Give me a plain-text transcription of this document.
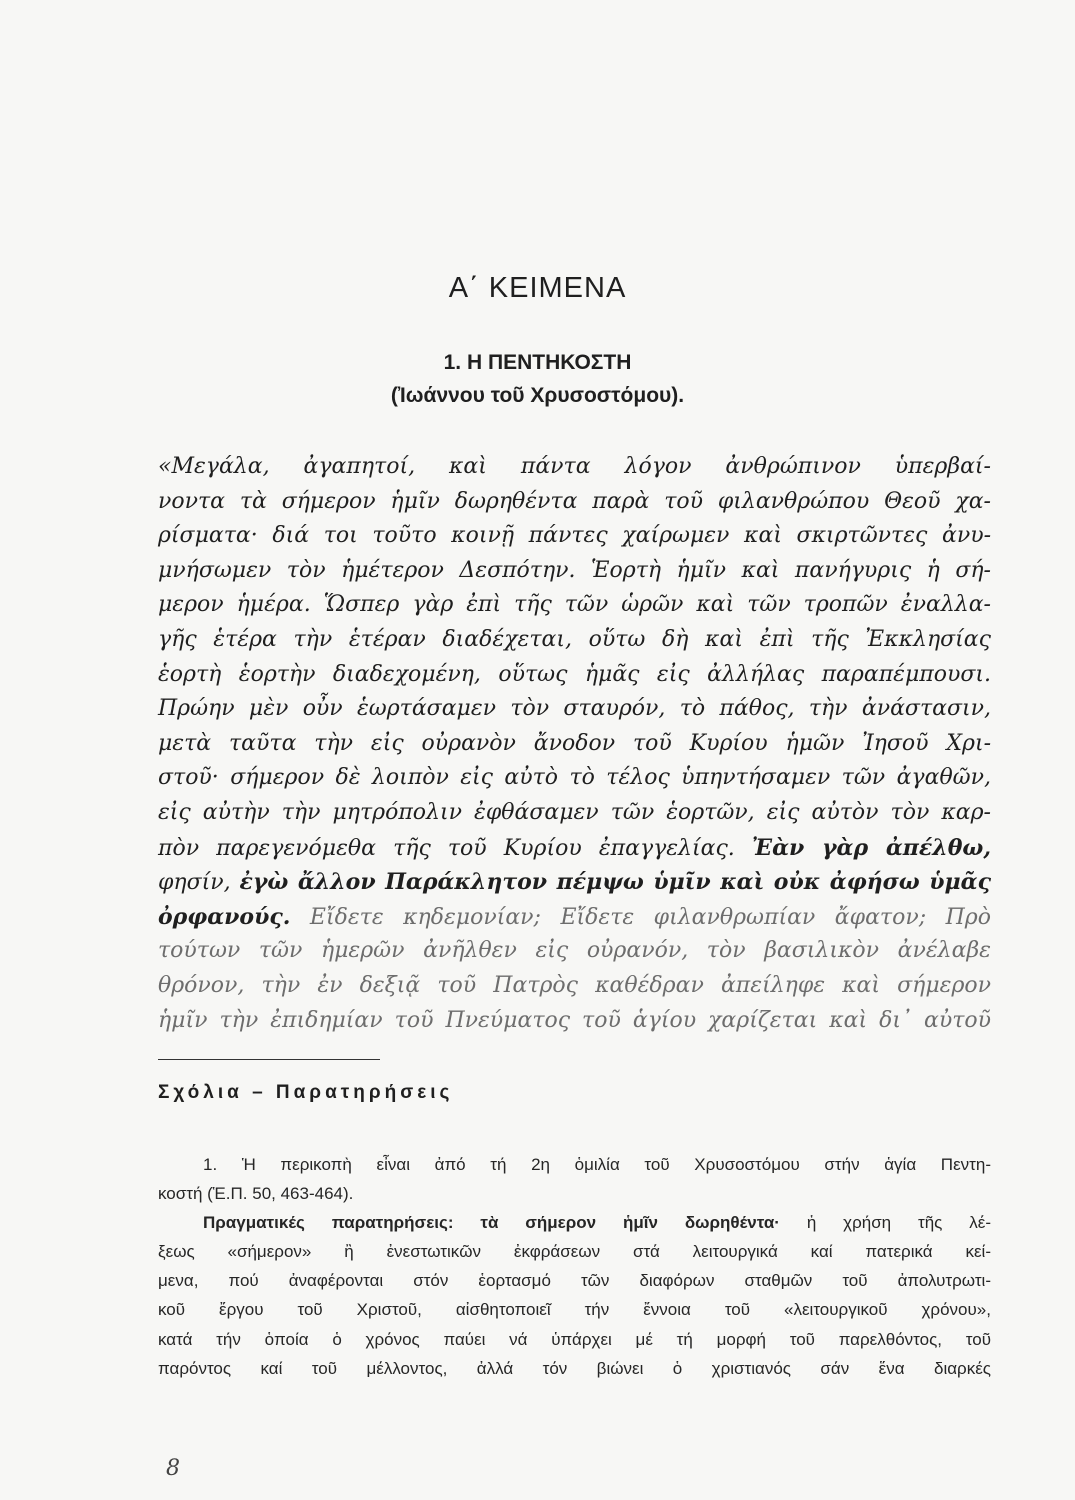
Α΄ ΚΕΙΜΕΝΑ
1. Η ΠΕΝΤΗΚΟΣΤΗ
(Ἰωάννου τοῦ Χρυσοστόμου).
«Μεγάλα, ἀγαπητοί, καὶ πάντα λόγον ἀνθρώπινον ὑπερβαί-
νοντα τὰ σήμερον ἡμῖν δωρηθέντα παρὰ τοῦ φιλανθρώπου Θεοῦ χα-
ρίσματα· διά τοι τοῦτο κοινῇ πάντες χαίρωμεν καὶ σκιρτῶντες ἀνυ-
μνήσωμεν τὸν ἡμέτερον Δεσπότην. Ἑορτὴ ἡμῖν καὶ πανήγυρις ἡ σή-
μερον ἡμέρα. Ὥσπερ γὰρ ἐπὶ τῆς τῶν ὡρῶν καὶ τῶν τροπῶν ἐναλλα-
γῆς ἑτέρα τὴν ἑτέραν διαδέχεται, οὕτω δὴ καὶ ἐπὶ τῆς Ἐκκλησίας
ἑορτὴ ἑορτὴν διαδεχομένη, οὕτως ἡμᾶς εἰς ἀλλήλας παραπέμπουσι.
Πρώην μὲν οὖν ἑωρτάσαμεν τὸν σταυρόν, τὸ πάθος, τὴν ἀνάστασιν,
μετὰ ταῦτα τὴν εἰς οὐρανὸν ἄνοδον τοῦ Κυρίου ἡμῶν Ἰησοῦ Χρι-
στοῦ· σήμερον δὲ λοιπὸν εἰς αὐτὸ τὸ τέλος ὑπηντήσαμεν τῶν ἀγαθῶν,
εἰς αὐτὴν τὴν μητρόπολιν ἐφθάσαμεν τῶν ἑορτῶν, εἰς αὐτὸν τὸν καρ-
πὸν παρεγενόμεθα τῆς τοῦ Κυρίου ἐπαγγελίας. Ἐὰν γὰρ ἀπέλθω,
φησίν, ἐγὼ ἄλλον Παράκλητον πέμψω ὑμῖν καὶ οὐκ ἀφήσω ὑμᾶς
ὀρφανούς. Εἴδετε κηδεμονίαν; Εἴδετε φιλανθρωπίαν ἄφατον; Πρὸ
τούτων τῶν ἡμερῶν ἀνῆλθεν εἰς οὐρανόν, τὸν βασιλικὸν ἀνέλαβε
θρόνον, τὴν ἐν δεξιᾷ τοῦ Πατρὸς καθέδραν ἀπείληφε καὶ σήμερον
ἡμῖν τὴν ἐπιδημίαν τοῦ Πνεύματος τοῦ ἁγίου χαρίζεται καὶ δι᾽ αὐτοῦ
Σχόλια – Παρατηρήσεις
1. Ἡ περικοπὴ εἶναι ἀπό τή 2η ὁμιλία τοῦ Χρυσοστόμου στήν ἁγία Πεντη-
κοστή (Ἑ.Π. 50, 463-464).
Πραγματικές παρατηρήσεις: τὰ σήμερον ἡμῖν δωρηθέντα· ἡ χρήση τῆς λέ-
ξεως «σήμερον» ἢ ἐνεστωτικῶν ἐκφράσεων στά λειτουργικά καί πατερικά κεί-
μενα, πού ἀναφέρονται στόν ἑορτασμό τῶν διαφόρων σταθμῶν τοῦ ἀπολυτρωτι-
κοῦ ἔργου τοῦ Χριστοῦ, αἰσθητοποιεῖ τήν ἔννοια τοῦ «λειτουργικοῦ χρόνου»,
κατά τήν ὁποία ὁ χρόνος παύει νά ὑπάρχει μέ τή μορφή τοῦ παρελθόντος, τοῦ
παρόντος καί τοῦ μέλλοντος, ἀλλά τόν βιώνει ὁ χριστιανός σάν ἕνα διαρκές
8
